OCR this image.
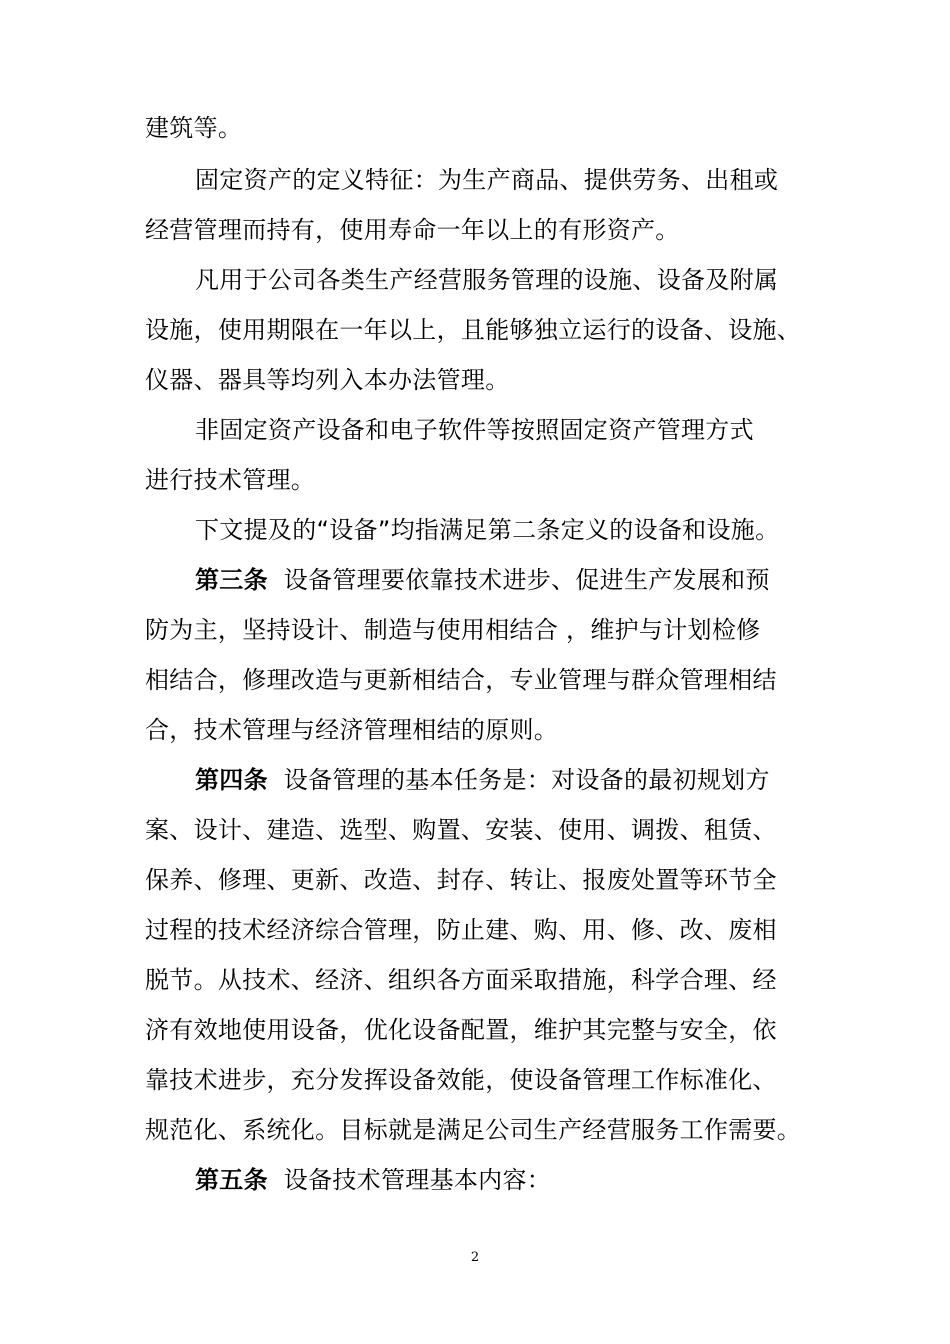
建筑等。
固定资产的定义特征：为生产商品、提供劳务、出租或
经营管理而持有，使用寿命一年以上的有形资产。
凡用于公司各类生产经营服务管理的设施、设备及附属
设施，使用期限在一年以上，且能够独立运行的设备、设施、
仪器、器具等均列入本办法管理。
非固定资产设备和电子软件等按照固定资产管理方式
进行技术管理。
下文提及的“设备”均指满足第二条定义的设备和设施。
第三条 设备管理要依靠技术进步、促进生产发展和预
防为主，坚持设计、制造与使用相结合 ，维护与计划检修
相结合，修理改造与更新相结合，专业管理与群众管理相结
合，技术管理与经济管理相结的原则。
第四条 设备管理的基本任务是：对设备的最初规划方
案、设计、建造、选型、购置、安装、使用、调拨、租赁、
保养、修理、更新、改造、封存、转让、报废处置等环节全
过程的技术经济综合管理，防止建、购、用、修、改、废相
脱节。从技术、经济、组织各方面采取措施，科学合理、经
济有效地使用设备，优化设备配置，维护其完整与安全，依
靠技术进步，充分发挥设备效能，使设备管理工作标准化、
规范化、系统化。目标就是满足公司生产经营服务工作需要。
第五条 设备技术管理基本内容：
2
